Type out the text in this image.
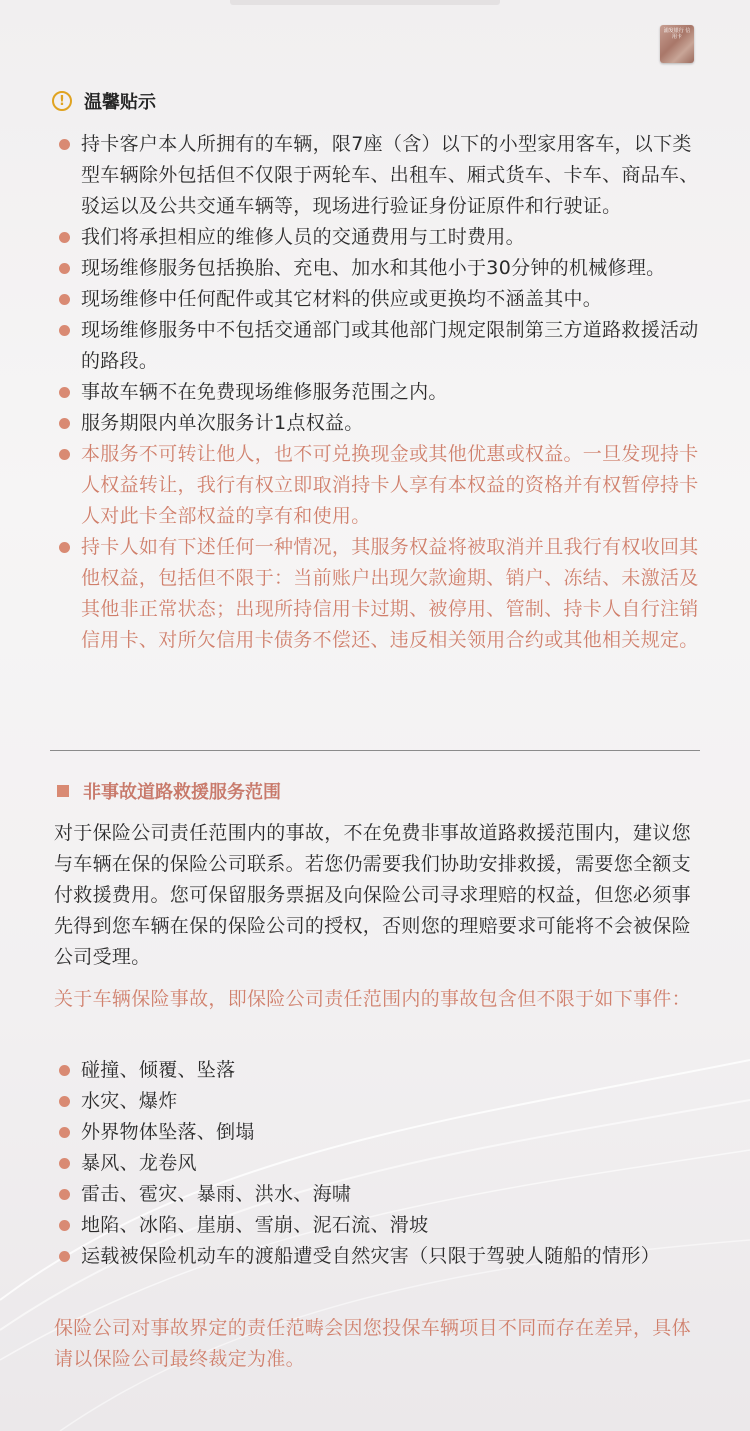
浦发银行 信用卡
!	温馨贴示
持卡客户本人所拥有的车辆，限7座（含）以下的小型家用客车，以下类型车辆除外包括但不仅限于两轮车、出租车、厢式货车、卡车、商品车、驳运以及公共交通车辆等，现场进行验证身份证原件和行驶证。
我们将承担相应的维修人员的交通费用与工时费用。
现场维修服务包括换胎、充电、加水和其他小于30分钟的机械修理。
现场维修中任何配件或其它材料的供应或更换均不涵盖其中。
现场维修服务中不包括交通部门或其他部门规定限制第三方道路救援活动的路段。
事故车辆不在免费现场维修服务范围之内。
服务期限内单次服务计1点权益。
本服务不可转让他人，也不可兑换现金或其他优惠或权益。一旦发现持卡人权益转让，我行有权立即取消持卡人享有本权益的资格并有权暂停持卡人对此卡全部权益的享有和使用。
持卡人如有下述任何一种情况，其服务权益将被取消并且我行有权收回其他权益，包括但不限于：当前账户出现欠款逾期、销户、冻结、未激活及其他非正常状态；出现所持信用卡过期、被停用、管制、持卡人自行注销信用卡、对所欠信用卡债务不偿还、违反相关领用合约或其他相关规定。
非事故道路救援服务范围

对于保险公司责任范围内的事故，不在免费非事故道路救援范围内，建议您与车辆在保的保险公司联系。若您仍需要我们协助安排救援，需要您全额支付救援费用。您可保留服务票据及向保险公司寻求理赔的权益，但您必须事先得到您车辆在保的保险公司的授权，否则您的理赔要求可能将不会被保险公司受理。

关于车辆保险事故，即保险公司责任范围内的事故包含但不限于如下事件：

碰撞、倾覆、坠落
水灾、爆炸
外界物体坠落、倒塌
暴风、龙卷风
雷击、雹灾、暴雨、洪水、海啸
地陷、冰陷、崖崩、雪崩、泥石流、滑坡
运载被保险机动车的渡船遭受自然灾害（只限于驾驶人随船的情形）

保险公司对事故界定的责任范畴会因您投保车辆项目不同而存在差异，具体请以保险公司最终裁定为准。
